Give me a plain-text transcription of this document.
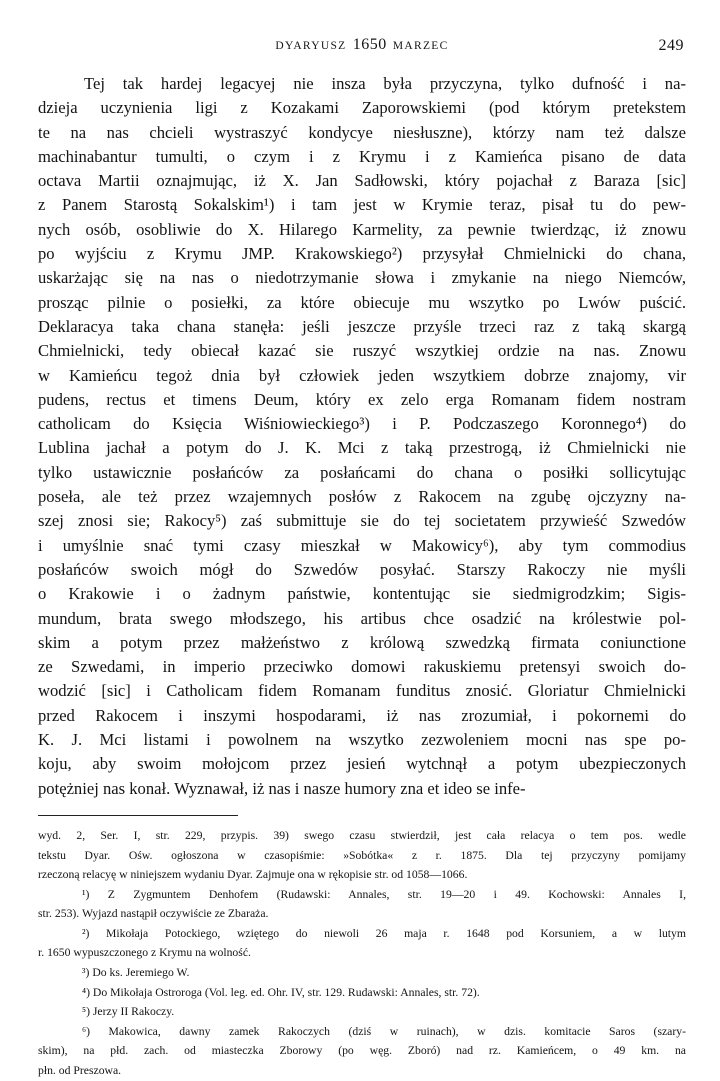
DYARYUSZ 1650 MARZEC	249
Tej tak hardej legacyej nie insza była przyczyna, tylko dufność i na-
dzieja uczynienia ligi z Kozakami Zaporowskiemi (pod którym pretekstem
te na nas chcieli wystraszyć kondycye niesłuszne), którzy nam też dalsze
machinabantur tumulti, o czym i z Krymu i z Kamieńca pisano de data
octava Martii oznajmując, iż X. Jan Sadłowski, który pojachał z Baraza [sic]
z Panem Starostą Sokalskim¹) i tam jest w Krymie teraz, pisał tu do pew-
nych osób, osobliwie do X. Hilarego Karmelity, za pewnie twierdząc, iż znowu
po wyjściu z Krymu JMP. Krakowskiego²) przysyłał Chmielnicki do chana,
uskarżając się na nas o niedotrzymanie słowa i zmykanie na niego Niemców,
prosząc pilnie o posiełki, za które obiecuje mu wszytko po Lwów puścić.
Deklaracya taka chana stanęła: jeśli jeszcze przyśle trzeci raz z taką skargą
Chmielnicki, tedy obiecał kazać sie ruszyć wszytkiej ordzie na nas. Znowu
w Kamieńcu tegoż dnia był człowiek jeden wszytkiem dobrze znajomy, vir
pudens, rectus et timens Deum, który ex zelo erga Romanam fidem nostram
catholicam do Księcia Wiśniowieckiego³) i P. Podczaszego Koronnego⁴) do
Lublina jachał a potym do J. K. Mci z taką przestrogą, iż Chmielnicki nie
tylko ustawicznie posłańców za posłańcami do chana o posiłki sollicytując
posełа, ale też przez wzajemnych posłów z Rakocem na zgubę ojczyzny na-
szej znosi sie; Rakocy⁵) zaś submittuje sie do tej societatem przywieść Szwedów
i umyślnie snać tymi czasy mieszkał w Makowicy⁶), aby tym commodius
posłańców swoich mógł do Szwedów posyłać. Starszy Rakoczy nie myśli
o Krakowie i o żadnym państwie, kontentując sie siedmigrodzkim; Sigis-
mundum, brata swego młodszego, his artibus chce osadzić na królestwie pol-
skim a potym przez małżeństwo z królową szwedzką firmata coniunctione
ze Szwedami, in imperio przeciwko domowi rakuskiemu pretensyi swoich do-
wodzić [sic] i Catholicam fidem Romanam funditus znosić. Gloriatur Chmielnicki
przed Rakocem i inszymi hospodarami, iż nas zrozumiał, i pokornemi do
K. J. Mci listami i powolnem na wszytko zezwoleniem mocni nas spe po-
koju, aby swoim mołojcom przez jesień wytchnął a potym ubezpieczonych
potężniej nas konał. Wyznawał, iż nas i nasze humory zna et ideo se infe-
wyd. 2, Ser. I, str. 229, przypis. 39) swego czasu stwierdził, jest cała relacya o tem pos. wedle
tekstu Dyar. Ośw. ogłoszona w czasopiśmie: »Sobótka« z r. 1875. Dla tej przyczyny pomijamy
rzeczoną relacyę w niniejszem wydaniu Dyar. Zajmuje ona w rękopisie str. od 1058—1066.
¹) Z Zygmuntem Denhofem (Rudawski: Annales, str. 19—20 i 49. Kochowski: Annales I,
str. 253). Wyjazd nastąpił oczywiście ze Zbaraża.
²) Mikołaja Potockiego, wziętego do niewoli 26 maja r. 1648 pod Korsuniem, a w lutym
r. 1650 wypuszczonego z Krymu na wolność.
³) Do ks. Jeremiego W.
⁴) Do Mikołaja Ostroroga (Vol. leg. ed. Ohr. IV, str. 129. Rudawski: Annales, str. 72).
⁵) Jerzy II Rakoczy.
⁶) Makowica, dawny zamek Rakoczych (dziś w ruinach), w dzis. komitacie Saros (szary-
skim), na płd. zach. od miasteczka Zborowy (po węg. Zboró) nad rz. Kamieńcem, o 49 km. na
płn. od Preszowa.
